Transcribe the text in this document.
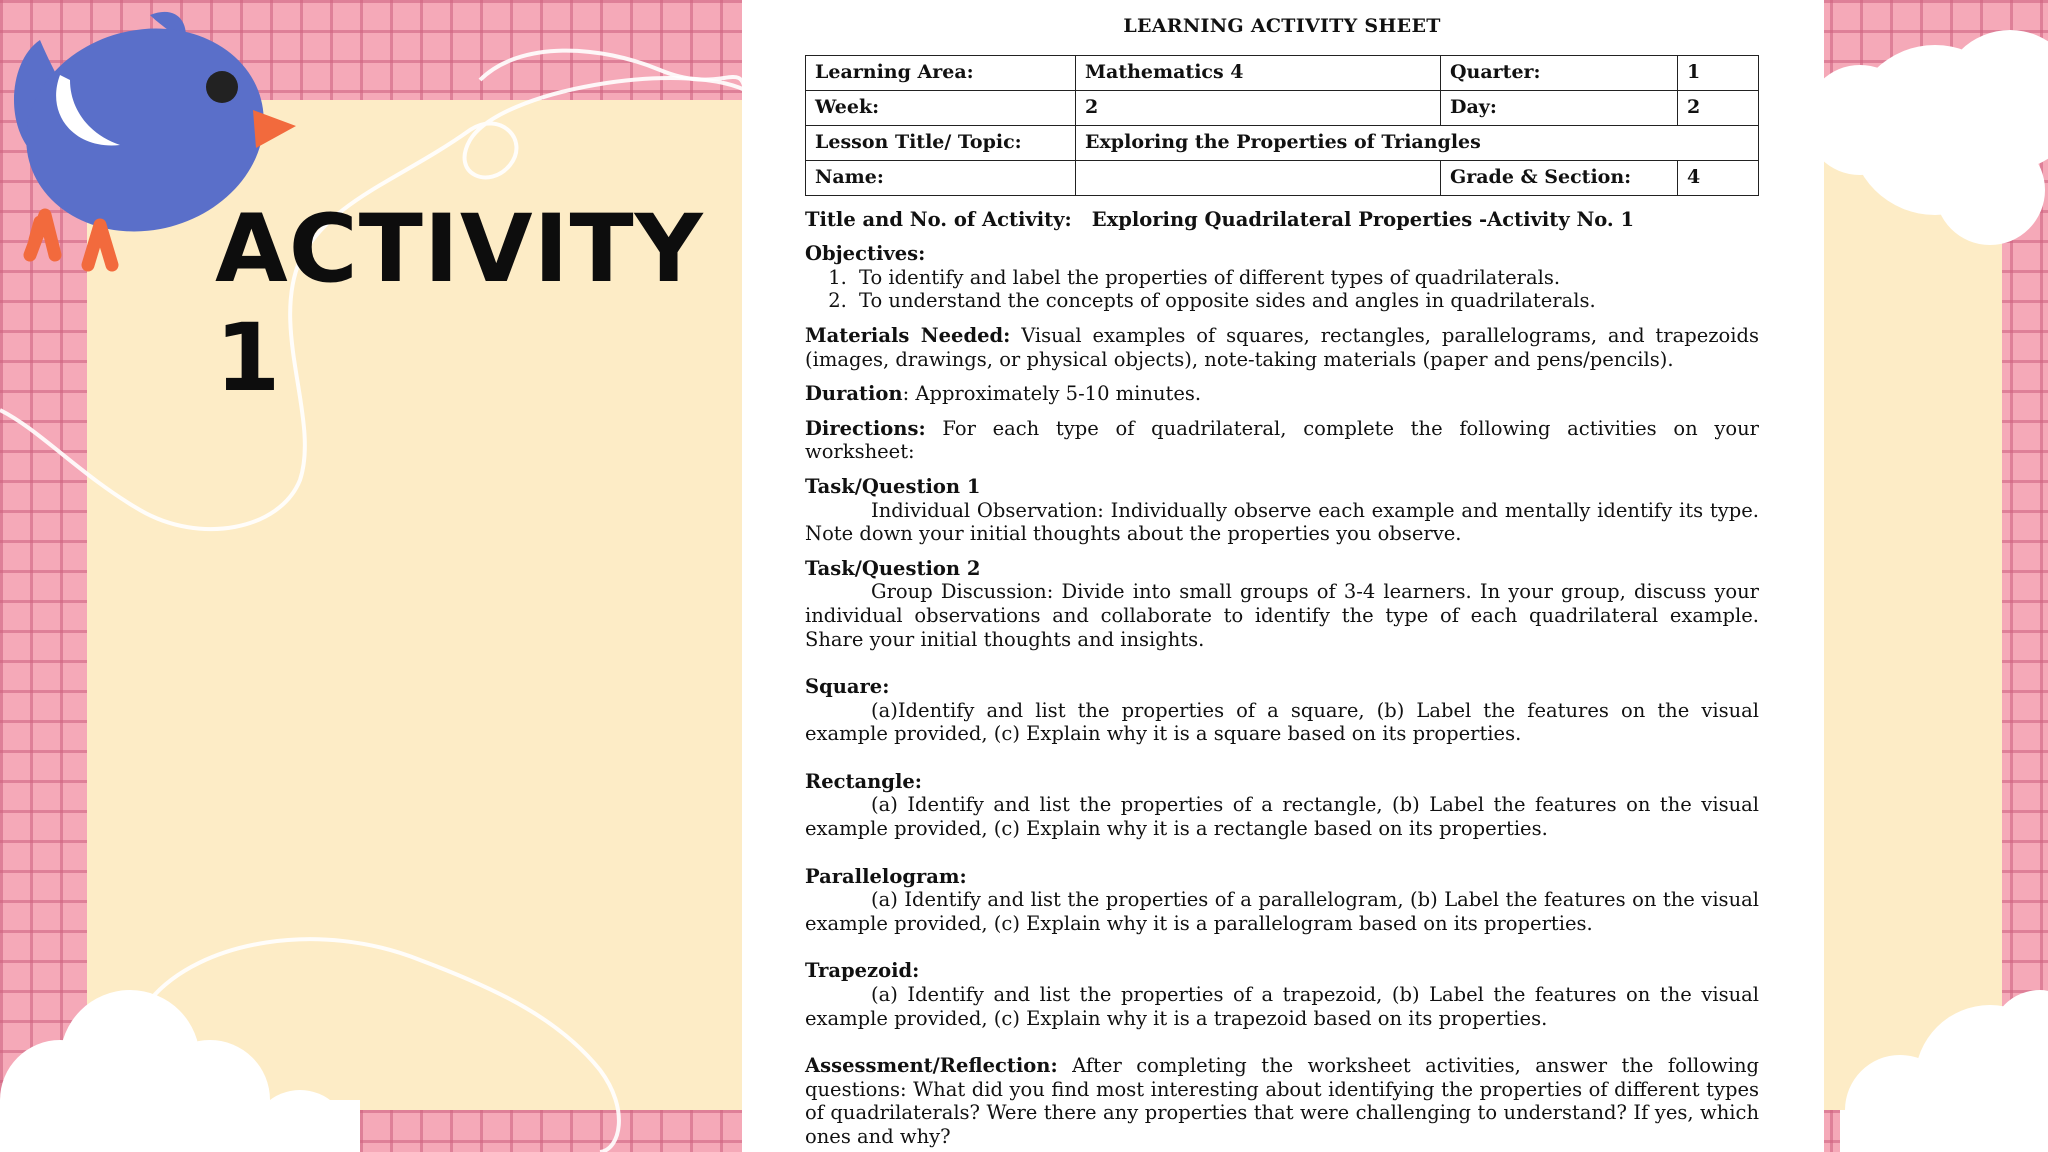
ACTIVITY 1
LEARNING ACTIVITY SHEET
Learning Area:	Mathematics 4	Quarter:	1
Week:	2	Day:	2
Lesson Title/ Topic:	Exploring the Properties of Triangles		
Name:		Grade & Section:	4

Title and No. of Activity: Exploring Quadrilateral Properties -Activity No. 1

Objectives:

1. To identify and label the properties of different types of quadrilaterals.
2. To understand the concepts of opposite sides and angles in quadrilaterals.

Materials Needed: Visual examples of squares, rectangles, parallelograms, and trapezoids (images, drawings, or physical objects), note-taking materials (paper and pens/pencils).

Duration: Approximately 5-10 minutes.

Directions: For each type of quadrilateral, complete the following activities on your worksheet:

Task/Question 1

Individual Observation: Individually observe each example and mentally identify its type. Note down your initial thoughts about the properties you observe.

Task/Question 2

Group Discussion: Divide into small groups of 3-4 learners. In your group, discuss your individual observations and collaborate to identify the type of each quadrilateral example. Share your initial thoughts and insights.

Square:

(a)Identify and list the properties of a square, (b) Label the features on the visual example provided, (c) Explain why it is a square based on its properties.

Rectangle:

(a) Identify and list the properties of a rectangle, (b) Label the features on the visual example provided, (c) Explain why it is a rectangle based on its properties.

Parallelogram:

(a) Identify and list the properties of a parallelogram, (b) Label the features on the visual example provided, (c) Explain why it is a parallelogram based on its properties.

Trapezoid:

(a) Identify and list the properties of a trapezoid, (b) Label the features on the visual example provided, (c) Explain why it is a trapezoid based on its properties.

Assessment/Reflection: After completing the worksheet activities, answer the following questions: What did you find most interesting about identifying the properties of different types of quadrilaterals? Were there any properties that were challenging to understand? If yes, which ones and why?
